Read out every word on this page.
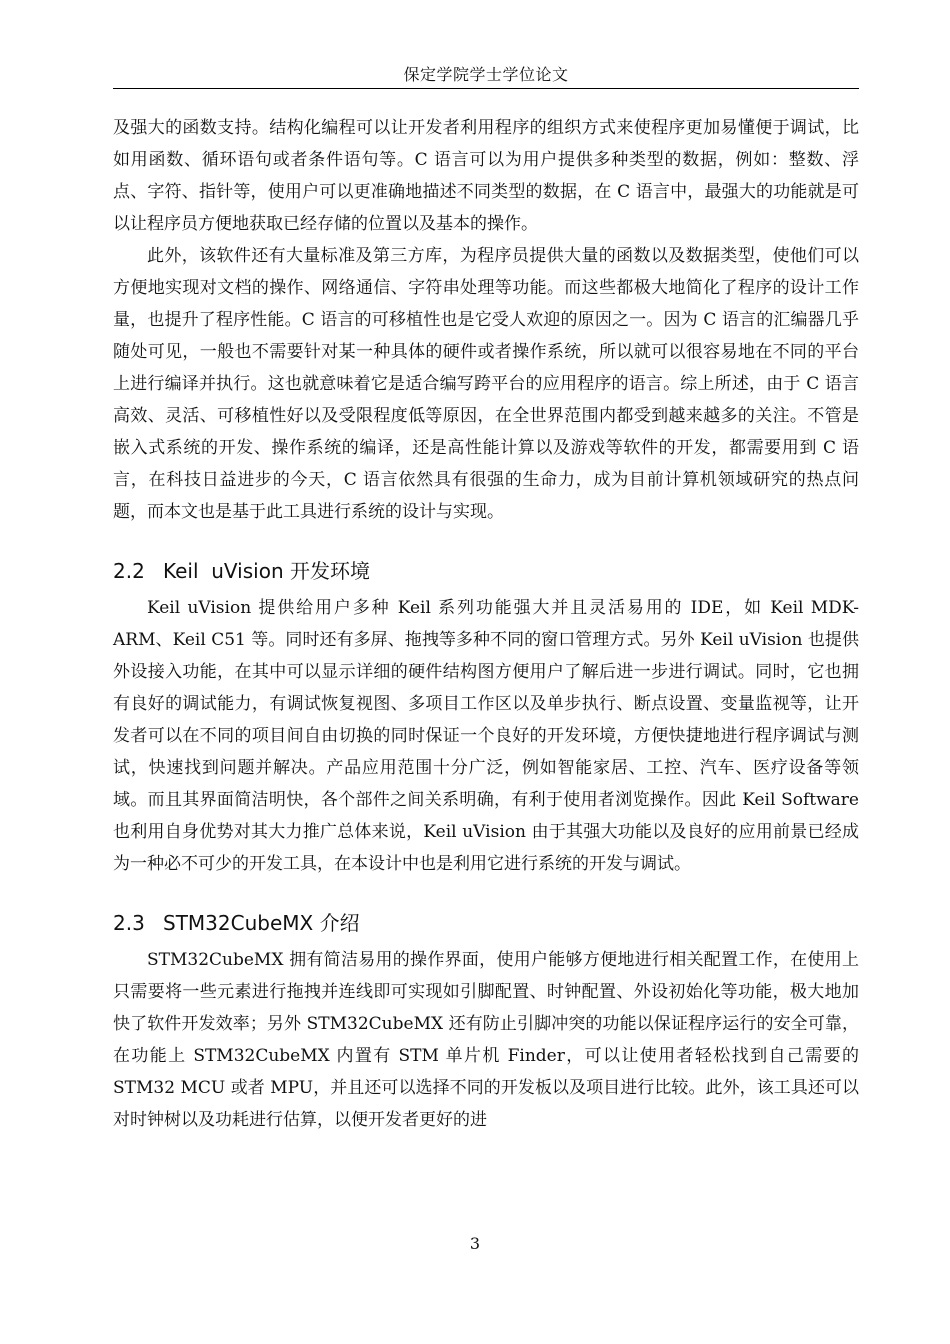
保定学院学士学位论文

及强大的函数支持。结构化编程可以让开发者利用程序的组织方式来使程序更加易懂便于调试，比如用函数、循环语句或者条件语句等。C 语言可以为用户提供多种类型的数据，例如：整数、浮点、字符、指针等，使用户可以更准确地描述不同类型的数据，在 C 语言中，最强大的功能就是可以让程序员方便地获取已经存储的位置以及基本的操作。

此外，该软件还有大量标准及第三方库，为程序员提供大量的函数以及数据类型，使他们可以方便地实现对文档的操作、网络通信、字符串处理等功能。而这些都极大地简化了程序的设计工作量，也提升了程序性能。C 语言的可移植性也是它受人欢迎的原因之一。因为 C 语言的汇编器几乎随处可见，一般也不需要针对某一种具体的硬件或者操作系统，所以就可以很容易地在不同的平台上进行编译并执行。这也就意味着它是适合编写跨平台的应用程序的语言。综上所述，由于 C 语言高效、灵活、可移植性好以及受限程度低等原因，在全世界范围内都受到越来越多的关注。不管是嵌入式系统的开发、操作系统的编译，还是高性能计算以及游戏等软件的开发，都需要用到 C 语言，在科技日益进步的今天，C 语言依然具有很强的生命力，成为目前计算机领域研究的热点问题，而本文也是基于此工具进行系统的设计与实现。

2.2 Keil  uVision 开发环境

Keil uVision 提供给用户多种 Keil 系列功能强大并且灵活易用的 IDE，如 Keil MDK-ARM、Keil C51 等。同时还有多屏、拖拽等多种不同的窗口管理方式。另外 Keil uVision 也提供外设接入功能，在其中可以显示详细的硬件结构图方便用户了解后进一步进行调试。同时，它也拥有良好的调试能力，有调试恢复视图、多项目工作区以及单步执行、断点设置、变量监视等，让开发者可以在不同的项目间自由切换的同时保证一个良好的开发环境，方便快捷地进行程序调试与测试，快速找到问题并解决。产品应用范围十分广泛，例如智能家居、工控、汽车、医疗设备等领域。而且其界面简洁明快，各个部件之间关系明确，有利于使用者浏览操作。因此 Keil Software 也利用自身优势对其大力推广总体来说，Keil uVision 由于其强大功能以及良好的应用前景已经成为一种必不可少的开发工具，在本设计中也是利用它进行系统的开发与调试。

2.3 STM32CubeMX 介绍

STM32CubeMX 拥有简洁易用的操作界面，使用户能够方便地进行相关配置工作，在使用上只需要将一些元素进行拖拽并连线即可实现如引脚配置、时钟配置、外设初始化等功能，极大地加快了软件开发效率；另外 STM32CubeMX 还有防止引脚冲突的功能以保证程序运行的安全可靠，在功能上 STM32CubeMX 内置有 STM 单片机 Finder，可以让使用者轻松找到自己需要的 STM32 MCU 或者 MPU，并且还可以选择不同的开发板以及项目进行比较。此外，该工具还可以对时钟树以及功耗进行估算，以便开发者更好的进

3
